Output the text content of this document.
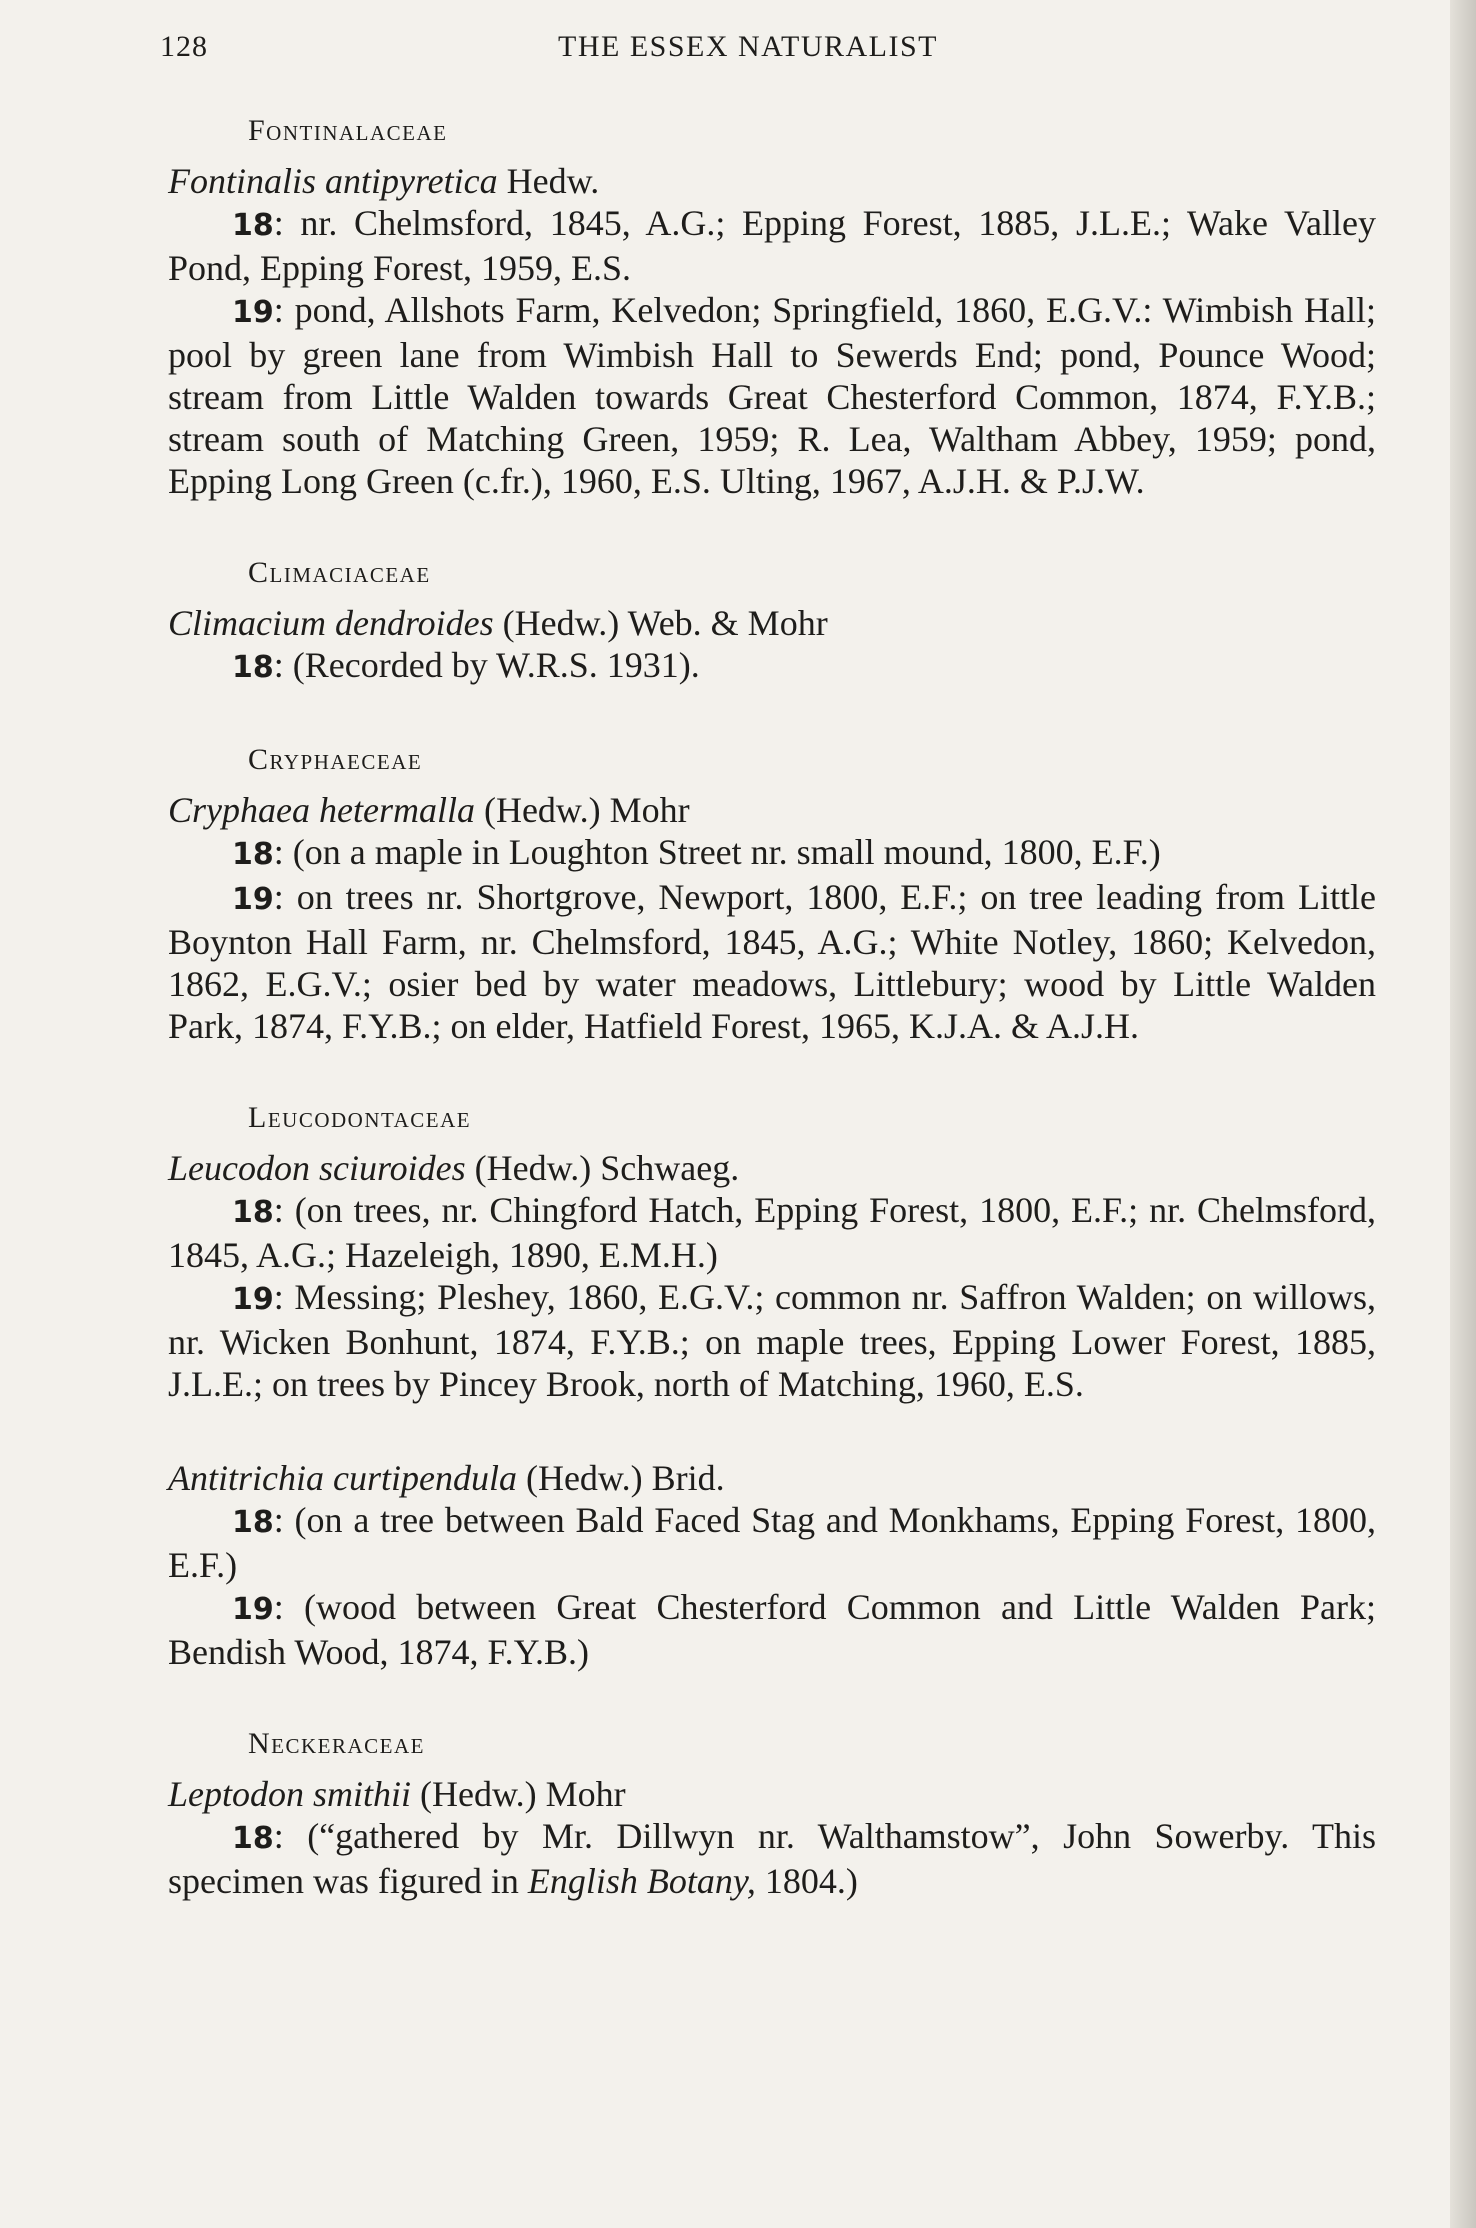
128	THE ESSEX NATURALIST
Fontinalaceae

Fontinalis antipyretica Hedw.

18: nr. Chelmsford, 1845, A.G.; Epping Forest, 1885, J.L.E.; Wake Valley Pond, Epping Forest, 1959, E.S.

19: pond, Allshots Farm, Kelvedon; Springfield, 1860, E.G.V.: Wimbish Hall; pool by green lane from Wimbish Hall to Sewerds End; pond, Pounce Wood; stream from Little Walden towards Great Chesterford Common, 1874, F.Y.B.; stream south of Matching Green, 1959; R. Lea, Waltham Abbey, 1959; pond, Epping Long Green (c.fr.), 1960, E.S. Ulting, 1967, A.J.H. & P.J.W.

Climaciaceae

Climacium dendroides (Hedw.) Web. & Mohr

18: (Recorded by W.R.S. 1931).

Cryphaeceae

Cryphaea hetermalla (Hedw.) Mohr

18: (on a maple in Loughton Street nr. small mound, 1800, E.F.)

19: on trees nr. Shortgrove, Newport, 1800, E.F.; on tree leading from Little Boynton Hall Farm, nr. Chelmsford, 1845, A.G.; White Notley, 1860; Kelvedon, 1862, E.G.V.; osier bed by water meadows, Littlebury; wood by Little Walden Park, 1874, F.Y.B.; on elder, Hatfield Forest, 1965, K.J.A. & A.J.H.

Leucodontaceae

Leucodon sciuroides (Hedw.) Schwaeg.

18: (on trees, nr. Chingford Hatch, Epping Forest, 1800, E.F.; nr. Chelmsford, 1845, A.G.; Hazeleigh, 1890, E.M.H.)

19: Messing; Pleshey, 1860, E.G.V.; common nr. Saffron Walden; on willows, nr. Wicken Bonhunt, 1874, F.Y.B.; on maple trees, Epping Lower Forest, 1885, J.L.E.; on trees by Pincey Brook, north of Matching, 1960, E.S.

Antitrichia curtipendula (Hedw.) Brid.

18: (on a tree between Bald Faced Stag and Monkhams, Epping Forest, 1800, E.F.)

19: (wood between Great Chesterford Common and Little Walden Park; Bendish Wood, 1874, F.Y.B.)

Neckeraceae

Leptodon smithii (Hedw.) Mohr

18: (“gathered by Mr. Dillwyn nr. Walthamstow”, John Sowerby. This specimen was figured in English Botany, 1804.)
